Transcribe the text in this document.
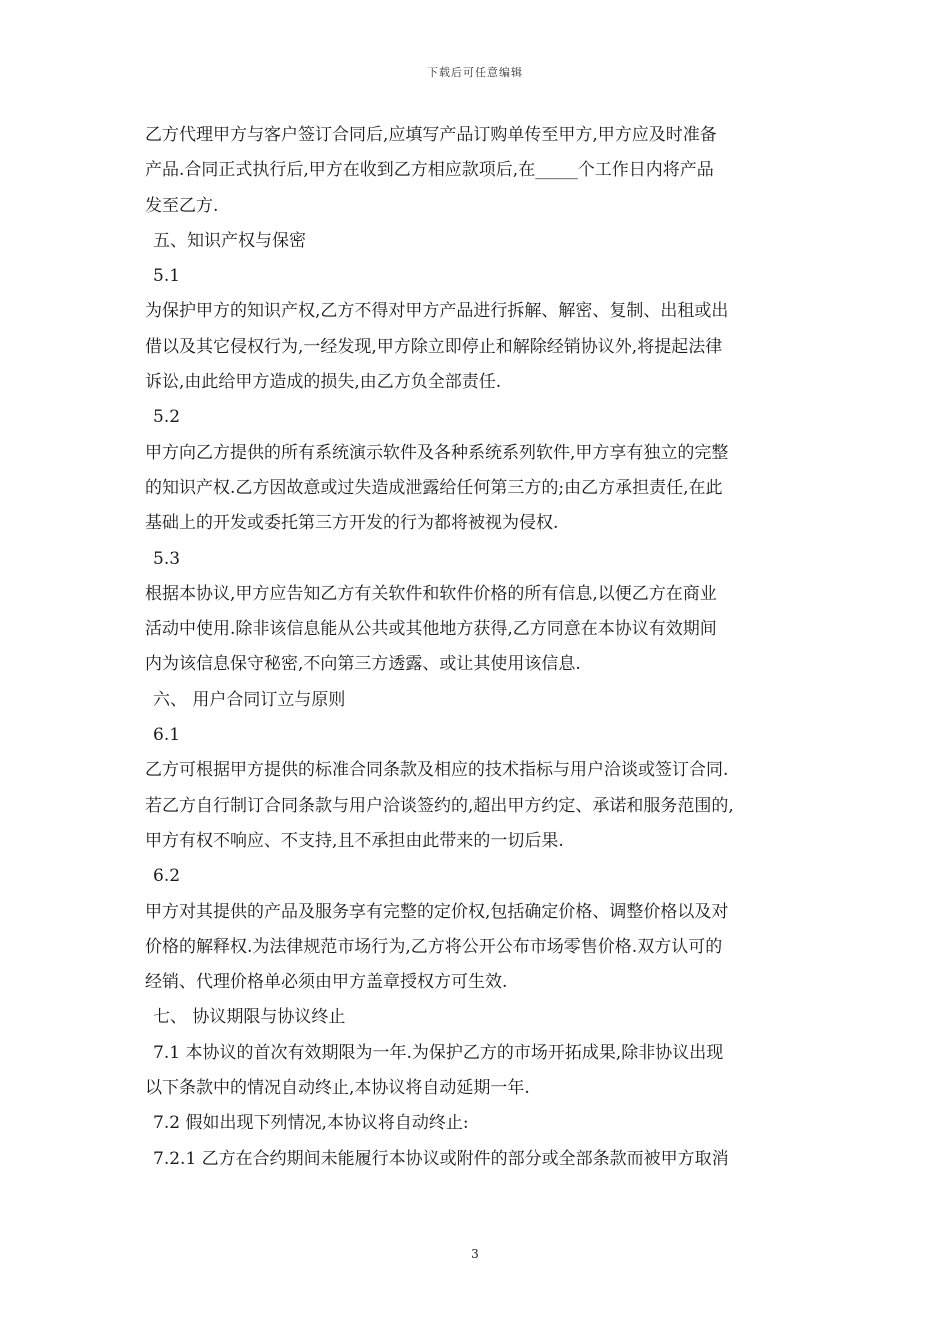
下载后可任意编辑
乙方代理甲方与客户签订合同后,应填写产品订购单传至甲方,甲方应及时准备
产品.合同正式执行后,甲方在收到乙方相应款项后,在_____个工作日内将产品
发至乙方.
五、知识产权与保密
5.1
为保护甲方的知识产权,乙方不得对甲方产品进行拆解、解密、复制、出租或出
借以及其它侵权行为,一经发现,甲方除立即停止和解除经销协议外,将提起法律
诉讼,由此给甲方造成的损失,由乙方负全部责任.
5.2
甲方向乙方提供的所有系统演示软件及各种系统系列软件,甲方享有独立的完整
的知识产权.乙方因故意或过失造成泄露给任何第三方的;由乙方承担责任,在此
基础上的开发或委托第三方开发的行为都将被视为侵权.
5.3
根据本协议,甲方应告知乙方有关软件和软件价格的所有信息,以便乙方在商业
活动中使用.除非该信息能从公共或其他地方获得,乙方同意在本协议有效期间
内为该信息保守秘密,不向第三方透露、或让其使用该信息.
六、 用户合同订立与原则
6.1
乙方可根据甲方提供的标准合同条款及相应的技术指标与用户洽谈或签订合同.
若乙方自行制订合同条款与用户洽谈签约的,超出甲方约定、承诺和服务范围的,
甲方有权不响应、不支持,且不承担由此带来的一切后果.
6.2
甲方对其提供的产品及服务享有完整的定价权,包括确定价格、调整价格以及对
价格的解释权.为法律规范市场行为,乙方将公开公布市场零售价格.双方认可的
经销、代理价格单必须由甲方盖章授权方可生效.
七、 协议期限与协议终止
7.1 本协议的首次有效期限为一年.为保护乙方的市场开拓成果,除非协议出现
以下条款中的情况自动终止,本协议将自动延期一年.
7.2 假如出现下列情况,本协议将自动终止:
7.2.1 乙方在合约期间未能履行本协议或附件的部分或全部条款而被甲方取消
3
